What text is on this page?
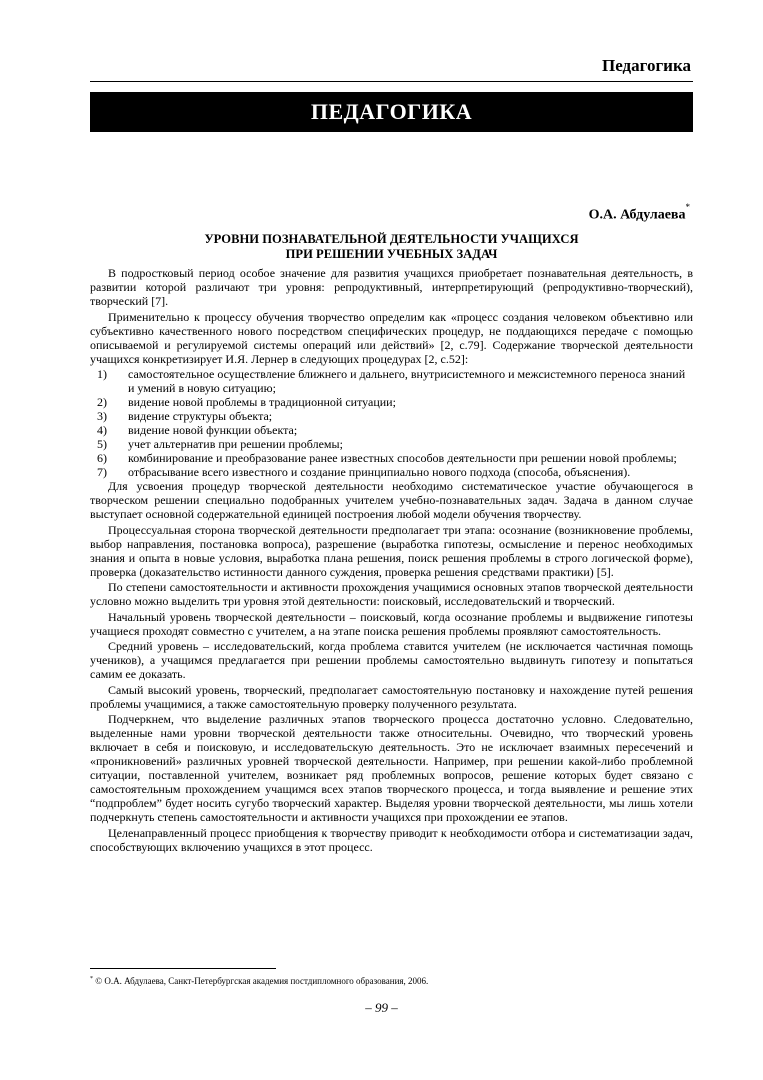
Педагогика
ПЕДАГОГИКА
О.А. Абдулаева*
УРОВНИ ПОЗНАВАТЕЛЬНОЙ ДЕЯТЕЛЬНОСТИ УЧАЩИХСЯ
ПРИ РЕШЕНИИ УЧЕБНЫХ ЗАДАЧ

В подростковый период особое значение для развития учащихся приобретает познавательная деятельность, в развитии которой различают три уровня: репродуктивный, интерпретирующий (репродуктивно-творческий), творческий [7].

Применительно к процессу обучения творчество определим как «процесс создания человеком объективно или субъективно качественного нового посредством специфических процедур, не поддающихся передаче с помощью описываемой и регулируемой системы операций или действий» [2, с.79]. Содержание творческой деятельности учащихся конкретизирует И.Я. Лернер в следующих процедурах [2, с.52]:

1) самостоятельное осуществление ближнего и дальнего, внутрисистемного и межсистемного переноса знаний и умений в новую ситуацию;
2) видение новой проблемы в традиционной ситуации;
3) видение структуры объекта;
4) видение новой функции объекта;
5) учет альтернатив при решении проблемы;
6) комбинирование и преобразование ранее известных способов деятельности при решении новой проблемы;
7) отбрасывание всего известного и создание принципиально нового подхода (способа, объяснения).

Для усвоения процедур творческой деятельности необходимо систематическое участие обучающегося в творческом решении специально подобранных учителем учебно-познавательных задач. Задача в данном случае выступает основной содержательной единицей построения любой модели обучения творчеству.

Процессуальная сторона творческой деятельности предполагает три этапа: осознание (возникновение проблемы, выбор направления, постановка вопроса), разрешение (выработка гипотезы, осмысление и перенос необходимых знания и опыта в новые условия, выработка плана решения, поиск решения проблемы в строго логической форме), проверка (доказательство истинности данного суждения, проверка решения средствами практики) [5].

По степени самостоятельности и активности прохождения учащимися основных этапов творческой деятельности условно можно выделить три уровня этой деятельности: поисковый, исследовательский и творческий.

Начальный уровень творческой деятельности – поисковый, когда осознание проблемы и выдвижение гипотезы учащиеся проходят совместно с учителем, а на этапе поиска решения проблемы проявляют самостоятельность.

Средний уровень – исследовательский, когда проблема ставится учителем (не исключается частичная помощь учеников), а учащимся предлагается при решении проблемы самостоятельно выдвинуть гипотезу и попытаться самим ее доказать.

Самый высокий уровень, творческий, предполагает самостоятельную постановку и нахождение путей решения проблемы учащимися, а также самостоятельную проверку полученного результата.

Подчеркнем, что выделение различных этапов творческого процесса достаточно условно. Следовательно, выделенные нами уровни творческой деятельности также относительны. Очевидно, что творческий уровень включает в себя и поисковую, и исследовательскую деятельность. Это не исключает взаимных пересечений и «проникновений» различных уровней творческой деятельности. Например, при решении какой-либо проблемной ситуации, поставленной учителем, возникает ряд проблемных вопросов, решение которых будет связано с самостоятельным прохождением учащимся всех этапов творческого процесса, и тогда выявление и решение этих “подпроблем” будет носить сугубо творческий характер. Выделяя уровни творческой деятельности, мы лишь хотели подчеркнуть степень самостоятельности и активности учащихся при прохождении ее этапов.

Целенаправленный процесс приобщения к творчеству приводит к необходимости отбора и систематизации задач, способствующих включению учащихся в этот процесс.

* © О.А. Абдулаева, Санкт-Петербургская академия постдипломного образования, 2006.
– 99 –
